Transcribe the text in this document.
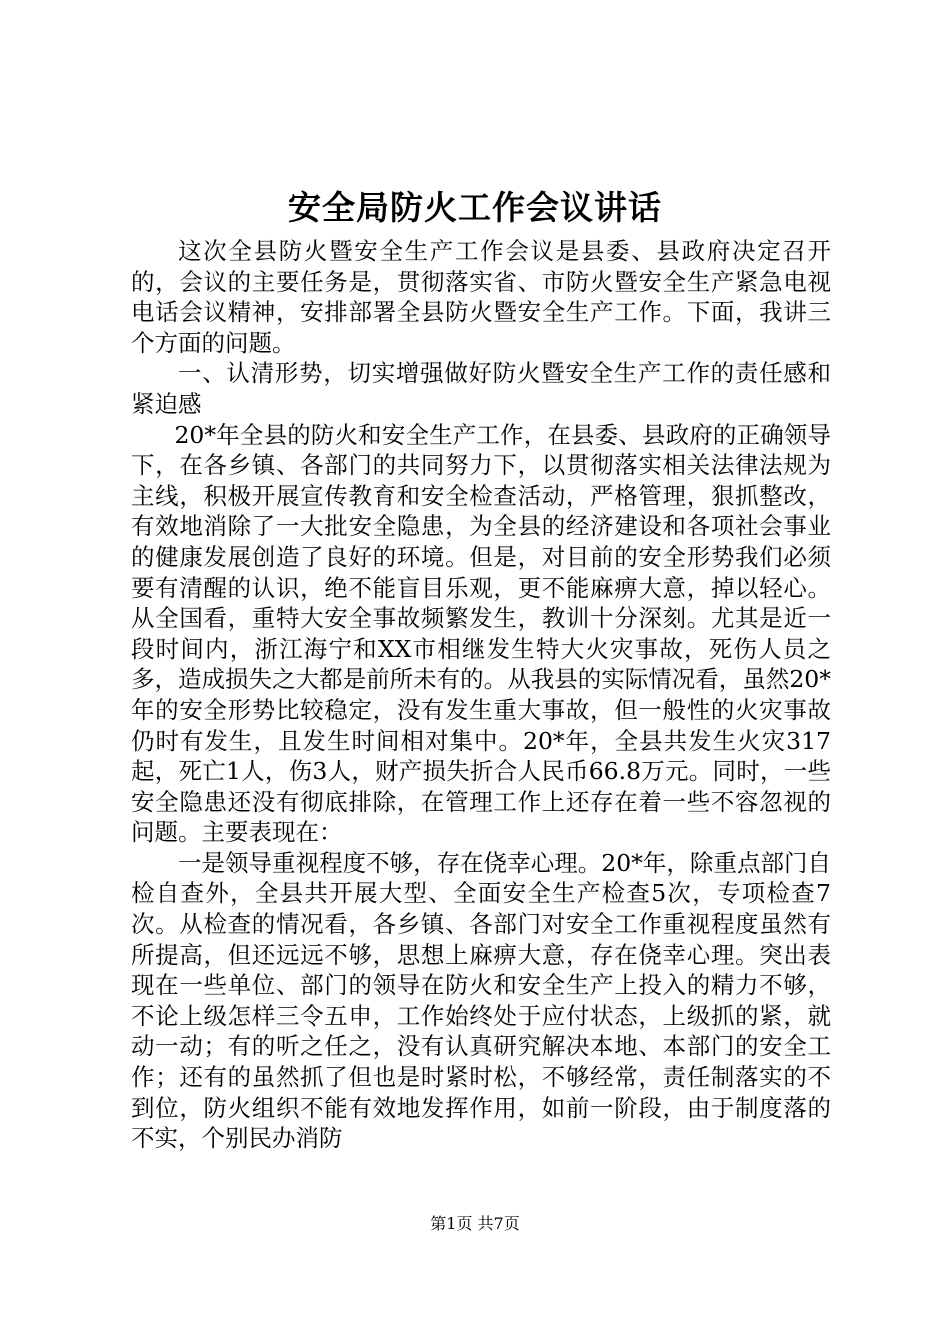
安全局防火工作会议讲话

这次全县防火暨安全生产工作会议是县委、县政府决定召开的，会议的主要任务是，贯彻落实省、市防火暨安全生产紧急电视电话会议精神，安排部署全县防火暨安全生产工作。下面，我讲三个方面的问题。

一、认清形势，切实增强做好防火暨安全生产工作的责任感和紧迫感

20*年全县的防火和安全生产工作，在县委、县政府的正确领导下，在各乡镇、各部门的共同努力下，以贯彻落实相关法律法规为主线，积极开展宣传教育和安全检查活动，严格管理，狠抓整改，有效地消除了一大批安全隐患，为全县的经济建设和各项社会事业的健康发展创造了良好的环境。但是，对目前的安全形势我们必须要有清醒的认识，绝不能盲目乐观，更不能麻痹大意，掉以轻心。从全国看，重特大安全事故频繁发生，教训十分深刻。尤其是近一段时间内，浙江海宁和XX市相继发生特大火灾事故，死伤人员之多，造成损失之大都是前所未有的。从我县的实际情况看，虽然20*年的安全形势比较稳定，没有发生重大事故，但一般性的火灾事故仍时有发生，且发生时间相对集中。20*年，全县共发生火灾317起，死亡1人，伤3人，财产损失折合人民币66.8万元。同时，一些安全隐患还没有彻底排除，在管理工作上还存在着一些不容忽视的问题。主要表现在：

一是领导重视程度不够，存在侥幸心理。20*年，除重点部门自检自查外，全县共开展大型、全面安全生产检查5次，专项检查7次。从检查的情况看，各乡镇、各部门对安全工作重视程度虽然有所提高，但还远远不够，思想上麻痹大意，存在侥幸心理。突出表现在一些单位、部门的领导在防火和安全生产上投入的精力不够，不论上级怎样三令五申，工作始终处于应付状态，上级抓的紧，就动一动；有的听之任之，没有认真研究解决本地、本部门的安全工作；还有的虽然抓了但也是时紧时松，不够经常，责任制落实的不到位，防火组织不能有效地发挥作用，如前一阶段，由于制度落的不实，个别民办消防

第1页 共7页
